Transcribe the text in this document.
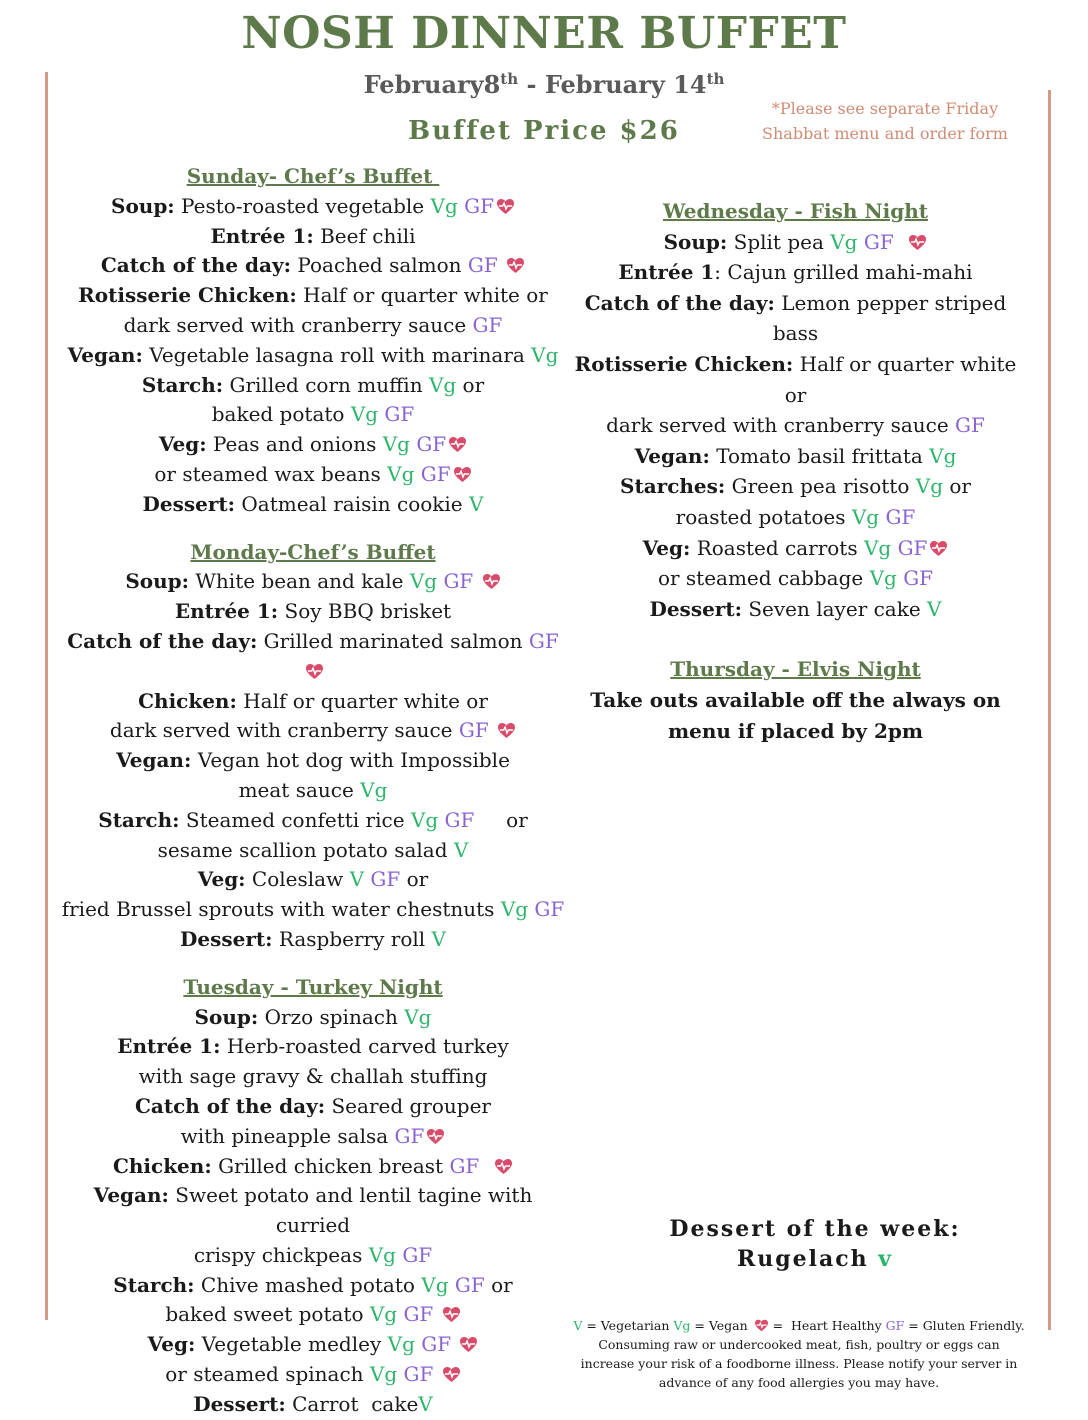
NOSH DINNER BUFFET
February8th - February 14th
Buffet Price $26
*Please see separate Friday
Shabbat menu and order form
Sunday- Chef’s Buffet
Soup: Pesto-roasted vegetable Vg GF
Entrée 1: Beef chili
Catch of the day: Poached salmon GF
Rotisserie Chicken: Half or quarter white or
dark served with cranberry sauce GF
Vegan: Vegetable lasagna roll with marinara Vg
Starch: Grilled corn muffin Vg or
baked potato Vg GF
Veg: Peas and onions Vg GF
or steamed wax beans Vg GF
Dessert: Oatmeal raisin cookie V
Monday-Chef’s Buffet
Soup: White bean and kale Vg GF
Entrée 1: Soy BBQ brisket
Catch of the day: Grilled marinated salmon GF
Chicken: Half or quarter white or
dark served with cranberry sauce GF
Vegan: Vegan hot dog with Impossible
meat sauce Vg
Starch: Steamed confetti rice Vg GF     or
sesame scallion potato salad V
Veg: Coleslaw V GF or
fried Brussel sprouts with water chestnuts Vg GF
Dessert: Raspberry roll V
Tuesday - Turkey Night
Soup: Orzo spinach Vg
Entrée 1: Herb-roasted carved turkey
with sage gravy & challah stuffing
Catch of the day: Seared grouper
with pineapple salsa GF
Chicken: Grilled chicken breast GF
Vegan: Sweet potato and lentil tagine with curried
crispy chickpeas Vg GF
Starch: Chive mashed potato Vg GF or
baked sweet potato Vg GF
Veg: Vegetable medley Vg GF
or steamed spinach Vg GF
Dessert: Carrot  cakeV
Wednesday - Fish Night
Soup: Split pea Vg GF
Entrée 1: Cajun grilled mahi-mahi
Catch of the day: Lemon pepper striped bass
Rotisserie Chicken: Half or quarter white or
dark served with cranberry sauce GF
Vegan: Tomato basil frittata Vg
Starches: Green pea risotto Vg or
roasted potatoes Vg GF
Veg: Roasted carrots Vg GF
or steamed cabbage Vg GF
Dessert: Seven layer cake V
Thursday - Elvis Night
Take outs available off the always on
menu if placed by 2pm
Dessert of the week:
Rugelach v
V = Vegetarian Vg = Vegan  =  Heart Healthy GF = Gluten Friendly.
Consuming raw or undercooked meat, fish, poultry or eggs can
increase your risk of a foodborne illness. Please notify your server in
advance of any food allergies you may have.
